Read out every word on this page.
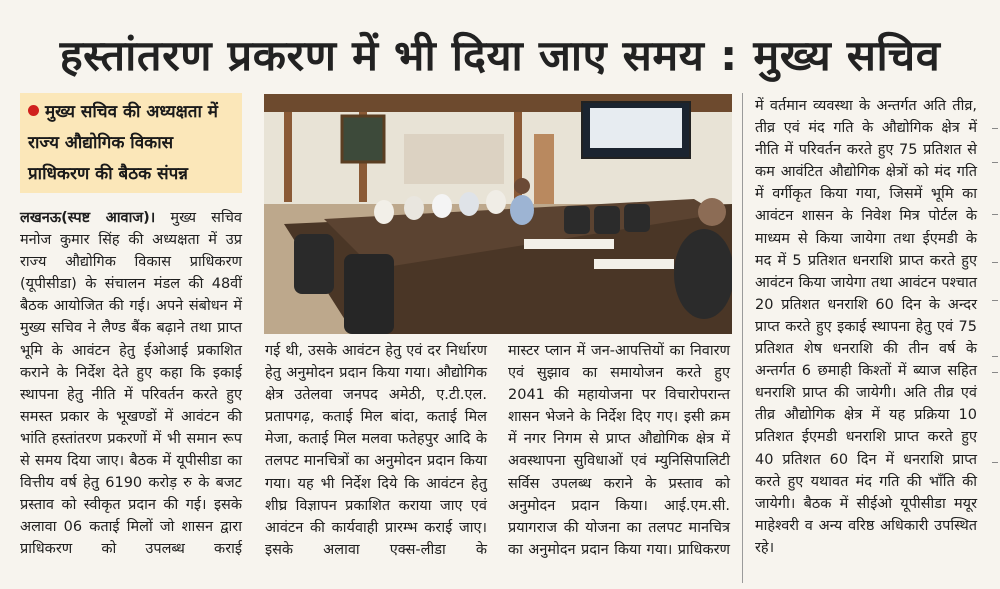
हस्तांतरण प्रकरण में भी दिया जाए समय : मुख्य सचिव
मुख्य सचिव की अध्यक्षता में राज्य औद्योगिक विकास प्राधिकरण की बैठक संपन्न
लखनऊ(स्पष्ट आवाज)। मुख्य सचिव मनोज कुमार सिंह की अध्यक्षता में उप्र राज्य औद्योगिक विकास प्राधिकरण (यूपीसीडा) के संचालन मंडल की 48वीं बैठक आयोजित की गई। अपने संबोधन में मुख्य सचिव ने लैण्ड बैंक बढ़ाने तथा प्राप्त भूमि के आवंटन हेतु ईओआई प्रकाशित कराने के निर्देश देते हुए कहा कि इकाई स्थापना हेतु नीति में परिवर्तन करते हुए समस्त प्रकार के भूखण्डों में आवंटन की भांति हस्तांतरण प्रकरणों में भी समान रूप से समय दिया जाए। बैठक में यूपीसीडा का वित्तीय वर्ष हेतु 6190 करोड़ रु के बजट प्रस्ताव को स्वीकृत प्रदान की गई। इसके अलावा 06 कताई मिलों जो शासन द्वारा प्राधिकरण को उपलब्ध कराई
गई थी, उसके आवंटन हेतु एवं दर निर्धारण हेतु अनुमोदन प्रदान किया गया। औद्योगिक क्षेत्र उतेलवा जनपद अमेठी, ए.टी.एल. प्रतापगढ़, कताई मिल बांदा, कताई मिल मेजा, कताई मिल मलवा फतेहपुर आदि के तलपट मानचित्रों का अनुमोदन प्रदान किया गया। यह भी निर्देश दिये कि आवंटन हेतु शीघ्र विज्ञापन प्रकाशित कराया जाए एवं आवंटन की कार्यवाही प्रारम्भ कराई जाए। इसके अलावा एक्स-लीडा के
मास्टर प्लान में जन-आपत्तियों का निवारण एवं सुझाव का समायोजन करते हुए 2041 की महायोजना पर विचारोपरान्त शासन भेजने के निर्देश दिए गए। इसी क्रम में नगर निगम से प्राप्त औद्योगिक क्षेत्र में अवस्थापना सुविधाओं एवं म्युनिसिपालिटी सर्विस उपलब्ध कराने के प्रस्ताव को अनुमोदन प्रदान किया। आई.एम.सी. प्रयागराज की योजना का तलपट मानचित्र का अनुमोदन प्रदान किया गया। प्राधिकरण
में वर्तमान व्यवस्था के अन्तर्गत अति तीव्र, तीव्र एवं मंद गति के औद्योगिक क्षेत्र में नीति में परिवर्तन करते हुए 75 प्रतिशत से कम आवंटित औद्योगिक क्षेत्रों को मंद गति में वर्गीकृत किया गया, जिसमें भूमि का आवंटन शासन के निवेश मित्र पोर्टल के माध्यम से किया जायेगा तथा ईएमडी के मद में 5 प्रतिशत धनराशि प्राप्त करते हुए आवंटन किया जायेगा तथा आवंटन पश्चात 20 प्रतिशत धनराशि 60 दिन के अन्दर प्राप्त करते हुए इकाई स्थापना हेतु एवं 75 प्रतिशत शेष धनराशि की तीन वर्ष के अन्तर्गत 6 छमाही किश्तों में ब्याज सहित धनराशि प्राप्त की जायेगी। अति तीव्र एवं तीव्र औद्योगिक क्षेत्र में यह प्रक्रिया 10 प्रतिशत ईएमडी धनराशि प्राप्त करते हुए 40 प्रतिशत 60 दिन में धनराशि प्राप्त करते हुए यथावत मंद गति की भाँति की जायेगी। बैठक में सीईओ यूपीसीडा मयूर माहेश्वरी व अन्य वरिष्ठ अधिकारी उपस्थित रहे।
